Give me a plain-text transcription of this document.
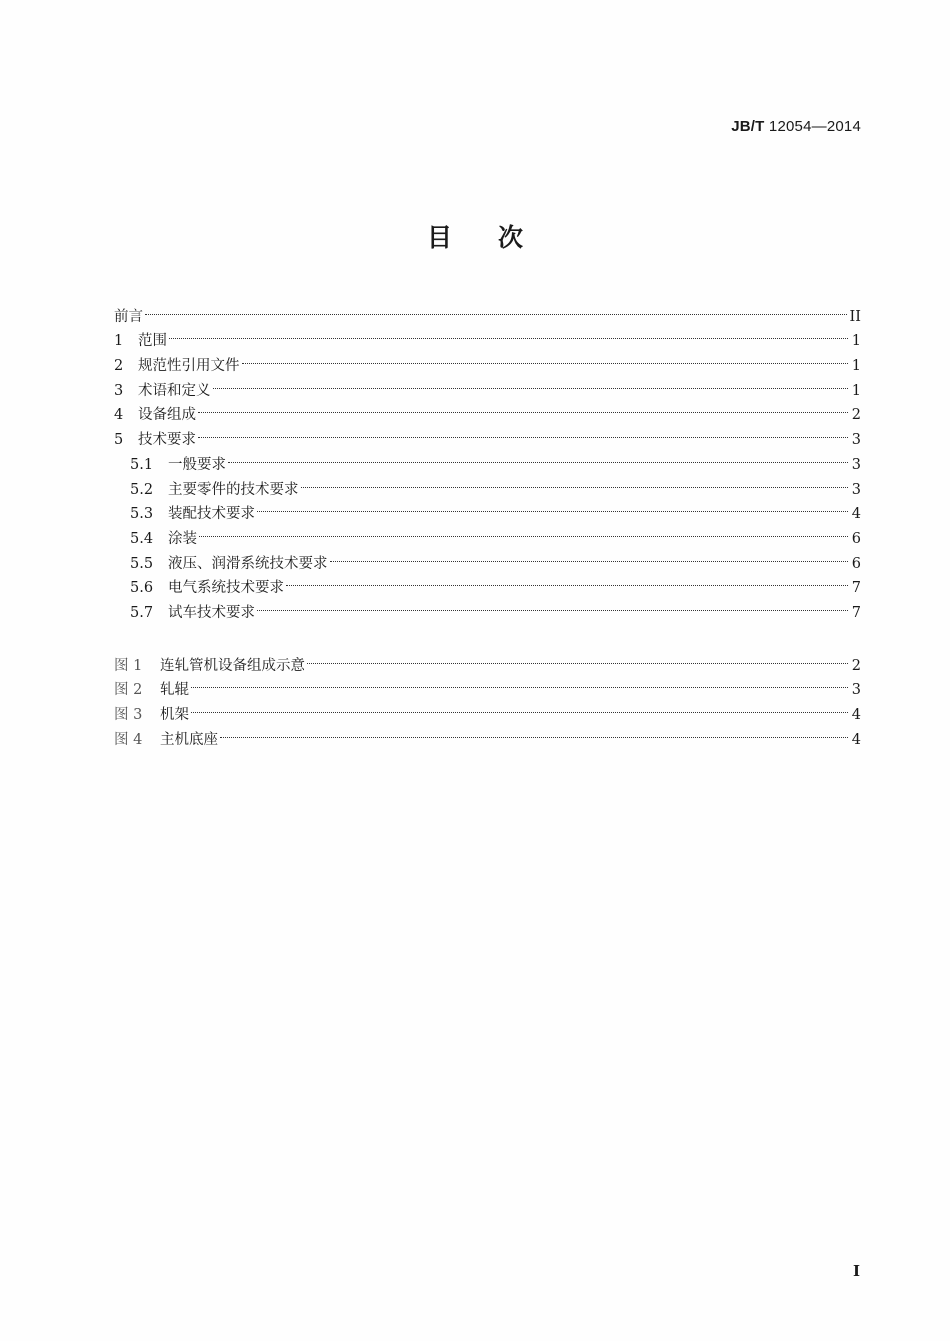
JB/T 12054—2014
目次
前言	II
1	范围	1
2	规范性引用文件	1
3	术语和定义	1
4	设备组成	2
5	技术要求	3
5.1	一般要求	3
5.2	主要零件的技术要求	3
5.3	装配技术要求	4
5.4	涂装	6
5.5	液压、润滑系统技术要求	6
5.6	电气系统技术要求	7
5.7	试车技术要求	7
图 1	连轧管机设备组成示意	2
图 2	轧辊	3
图 3	机架	4
图 4	主机底座	4
I
